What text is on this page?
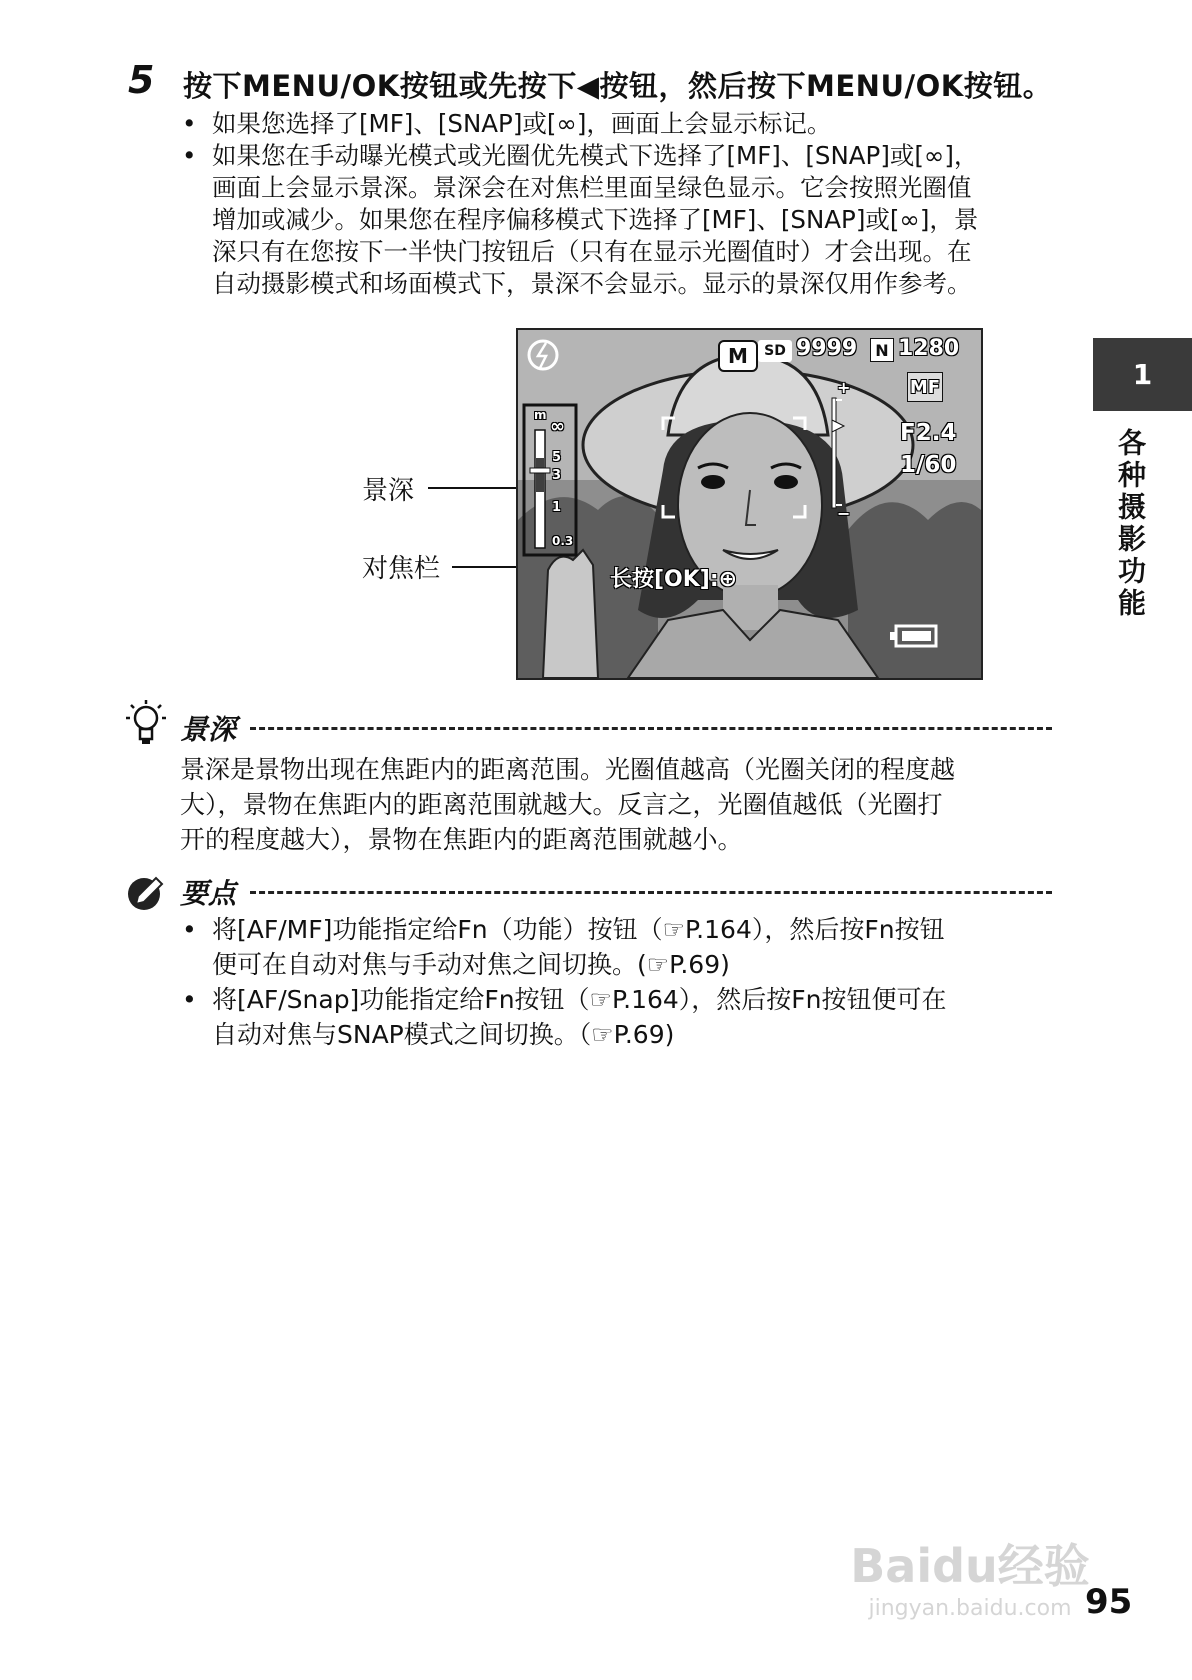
5 按下MENU/OK按钮或先按下◀按钮，然后按下MENU/OK按钮。
• 如果您选择了[MF]、[SNAP]或[∞]，画面上会显示标记。
• 如果您在手动曝光模式或光圈优先模式下选择了[MF]、[SNAP]或[∞]，
画面上会显示景深。景深会在对焦栏里面呈绿色显示。它会按照光圈值
增加或减少。如果您在程序偏移模式下选择了[MF]、[SNAP]或[∞]，景
深只有在您按下一半快门按钮后（只有在显示光圈值时）才会出现。在
自动摄影模式和场面模式下，景深不会显示。显示的景深仅用作参考。
1
各种摄影功能
景深
对焦栏
M	SD 9999	N 1280
MF
F2.4
1/60
+
−
m
∞
5
3
1
0.3
长按[OK]:⊕
景深
景深是景物出现在焦距内的距离范围。光圈值越高（光圈关闭的程度越
大），景物在焦距内的距离范围就越大。反言之，光圈值越低（光圈打
开的程度越大），景物在焦距内的距离范围就越小。
要点
• 将[AF/MF]功能指定给Fn（功能）按钮（☞P.164），然后按Fn按钮
便可在自动对焦与手动对焦之间切换。(☞P.69)
• 将[AF/Snap]功能指定给Fn按钮（☞P.164），然后按Fn按钮便可在
自动对焦与SNAP模式之间切换。（☞P.69)
Baidu经验
jingyan.baidu.com 95
